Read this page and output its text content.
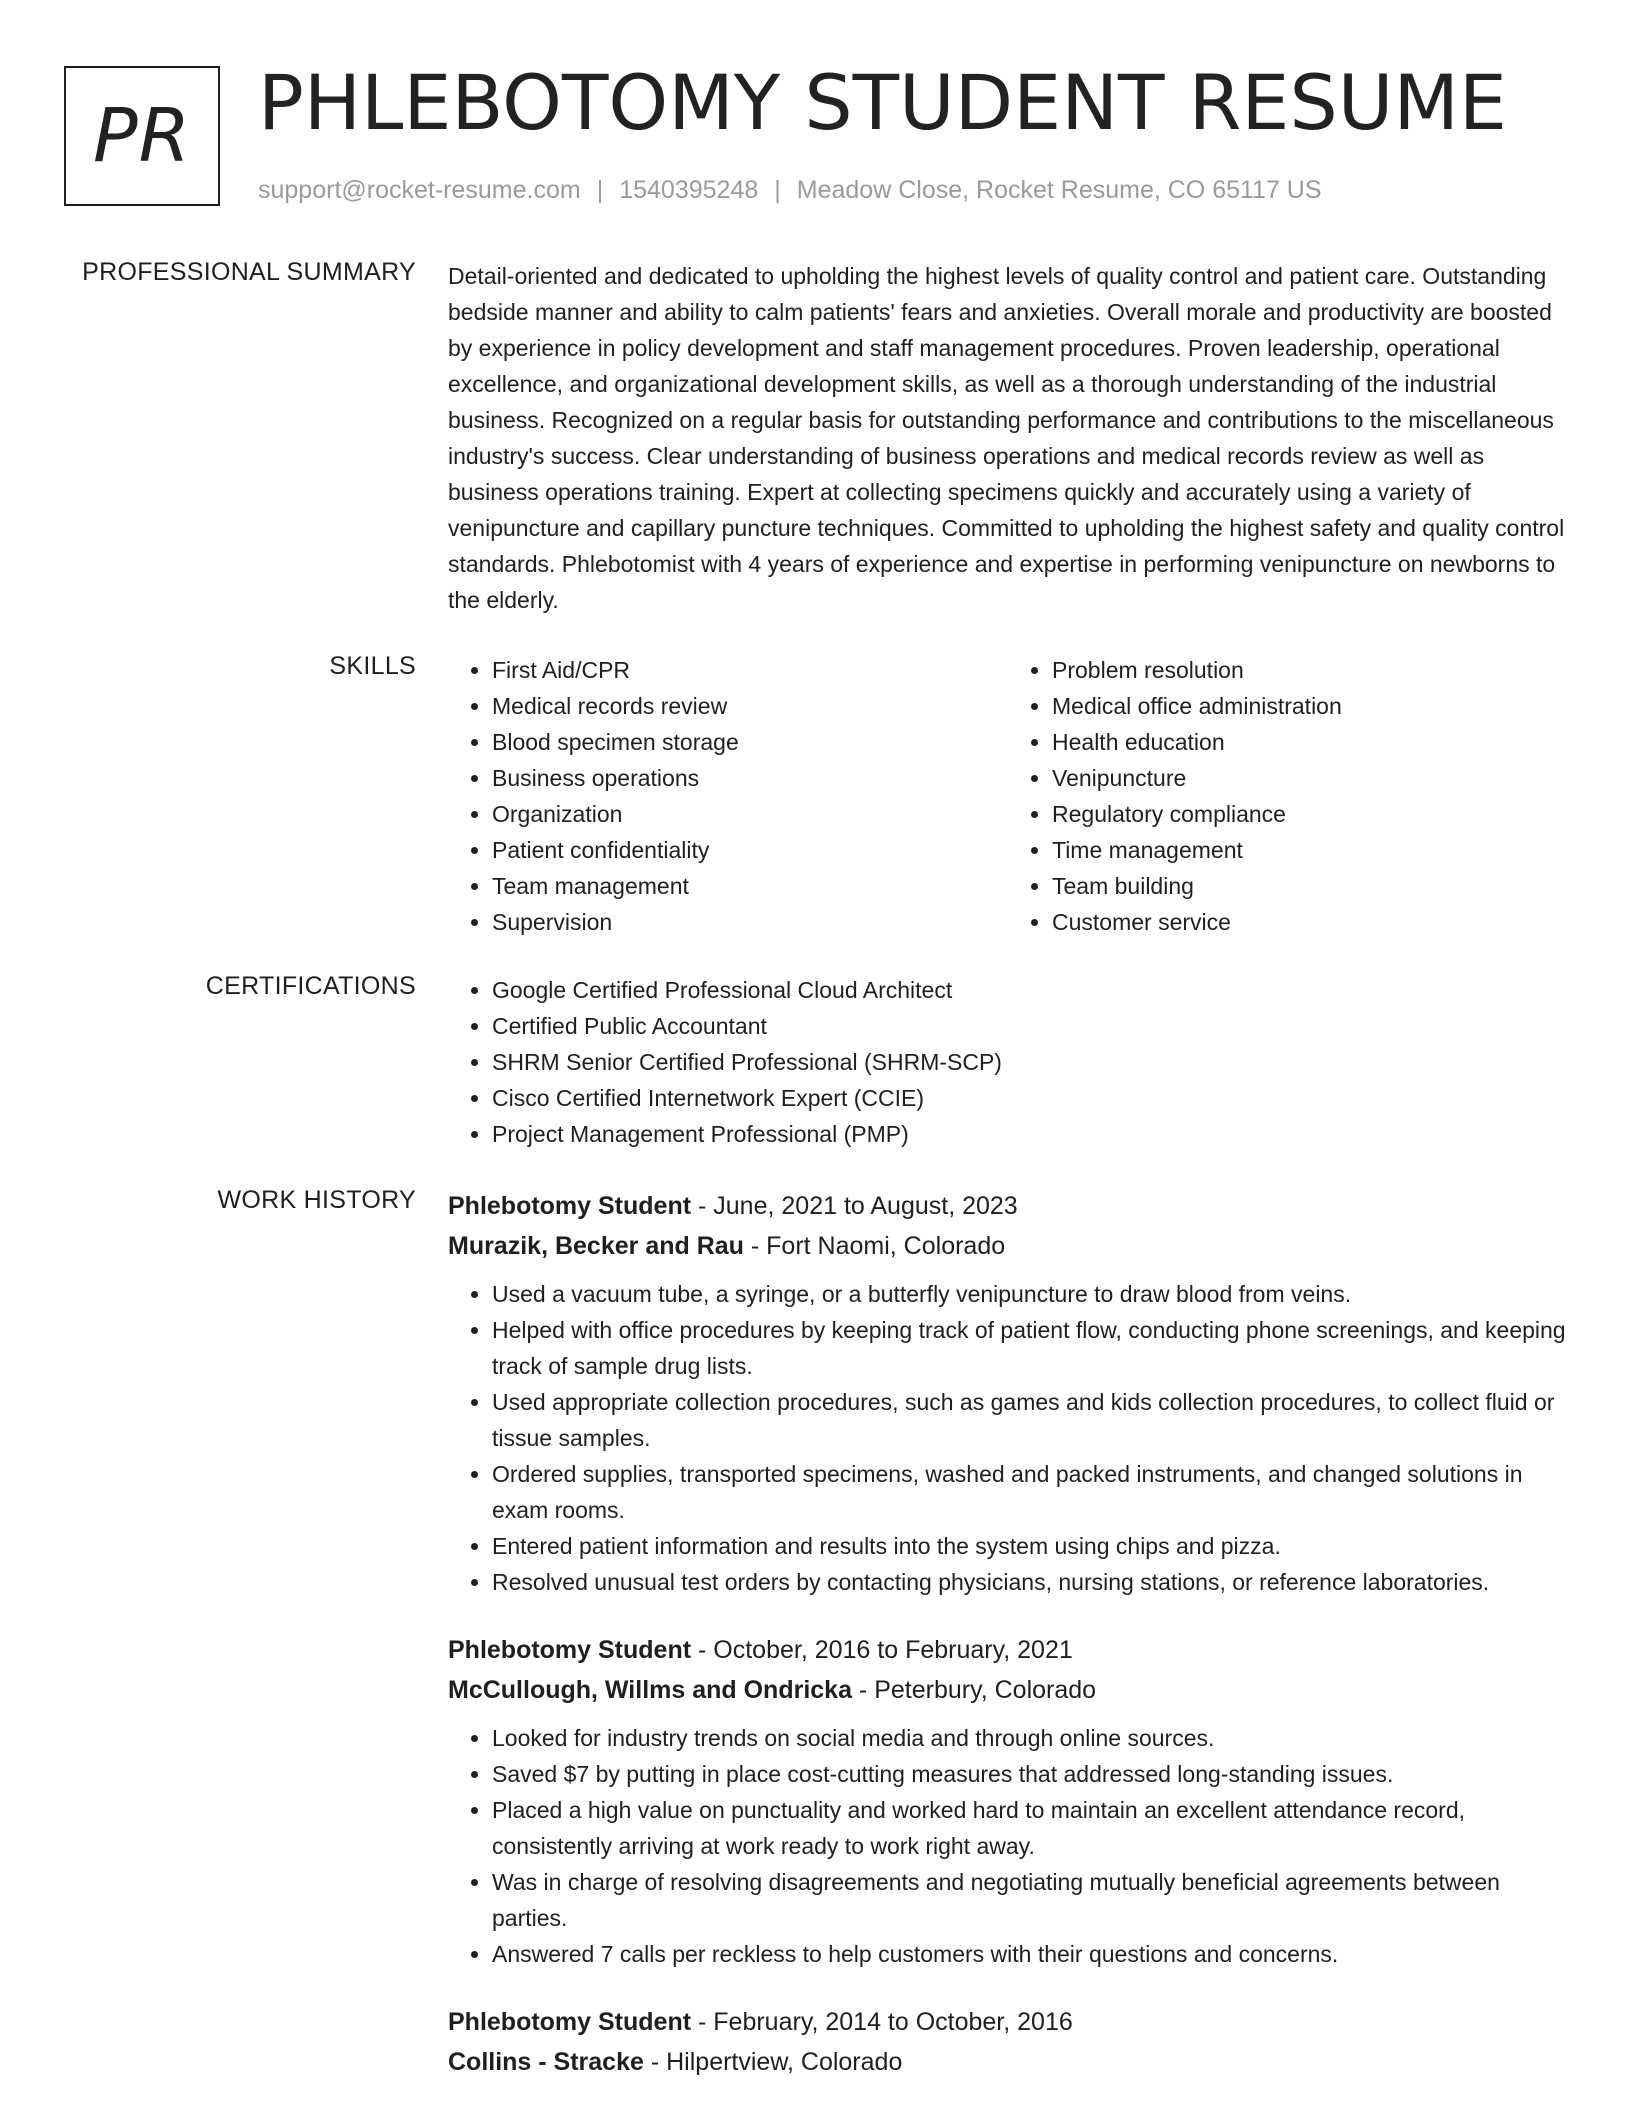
PR PHLEBOTOMY STUDENT RESUME
support@rocket-resume.com | 1540395248 | Meadow Close, Rocket Resume, CO 65117 US
PROFESSIONAL SUMMARY Detail-oriented and dedicated to upholding the highest levels of quality control and patient care. Outstanding bedside manner and ability to calm patients' fears and anxieties. Overall morale and productivity are boosted by experience in policy development and staff management procedures. Proven leadership, operational excellence, and organizational development skills, as well as a thorough understanding of the industrial business. Recognized on a regular basis for outstanding performance and contributions to the miscellaneous industry's success. Clear understanding of business operations and medical records review as well as business operations training. Expert at collecting specimens quickly and accurately using a variety of venipuncture and capillary puncture techniques. Committed to upholding the highest safety and quality control standards. Phlebotomist with 4 years of experience and expertise in performing venipuncture on newborns to the elderly.

SKILLS	• First Aid/CPR
• Medical records review
• Blood specimen storage
• Business operations
• Organization
• Patient confidentiality
• Team management
• Supervision
• Problem resolution
• Medical office administration
• Health education
• Venipuncture
• Regulatory compliance
• Time management
• Team building
• Customer service
CERTIFICATIONS	• Google Certified Professional Cloud Architect
• Certified Public Accountant
• SHRM Senior Certified Professional (SHRM-SCP)
• Cisco Certified Internetwork Expert (CCIE)
• Project Management Professional (PMP)
WORK HISTORY Phlebotomy Student - June, 2021 to August, 2023
Murazik, Becker and Rau - Fort Naomi, Colorado
• Used a vacuum tube, a syringe, or a butterfly venipuncture to draw blood from veins.
• Helped with office procedures by keeping track of patient flow, conducting phone screenings, and keeping track of sample drug lists.
• Used appropriate collection procedures, such as games and kids collection procedures, to collect fluid or tissue samples.
• Ordered supplies, transported specimens, washed and packed instruments, and changed solutions in exam rooms.
• Entered patient information and results into the system using chips and pizza.
• Resolved unusual test orders by contacting physicians, nursing stations, or reference laboratories.
Phlebotomy Student - October, 2016 to February, 2021
McCullough, Willms and Ondricka - Peterbury, Colorado
• Looked for industry trends on social media and through online sources.
• Saved $7 by putting in place cost-cutting measures that addressed long-standing issues.
• Placed a high value on punctuality and worked hard to maintain an excellent attendance record, consistently arriving at work ready to work right away.
• Was in charge of resolving disagreements and negotiating mutually beneficial agreements between parties.
• Answered 7 calls per reckless to help customers with their questions and concerns.
Phlebotomy Student - February, 2014 to October, 2016
Collins - Stracke - Hilpertview, Colorado
